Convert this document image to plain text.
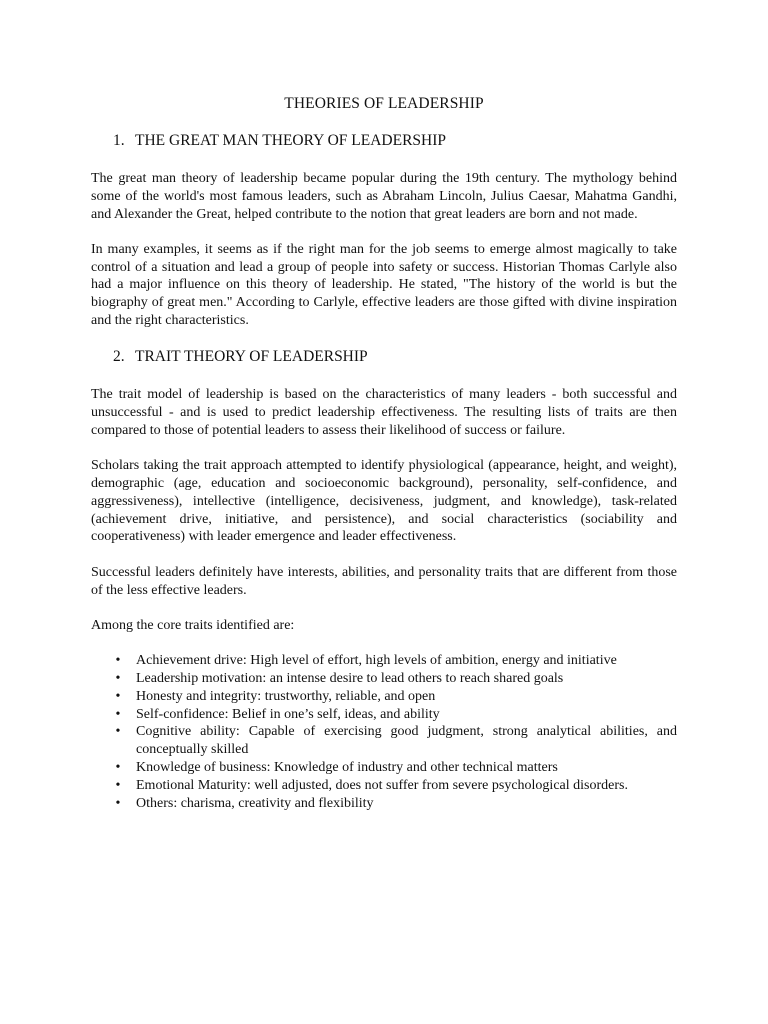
THEORIES OF LEADERSHIP
1. THE GREAT MAN THEORY OF LEADERSHIP

The great man theory of leadership became popular during the 19th century. The mythology behind some of the world's most famous leaders, such as Abraham Lincoln, Julius Caesar, Mahatma Gandhi, and Alexander the Great, helped contribute to the notion that great leaders are born and not made.

In many examples, it seems as if the right man for the job seems to emerge almost magically to take control of a situation and lead a group of people into safety or success. Historian Thomas Carlyle also had a major influence on this theory of leadership. He stated, "The history of the world is but the biography of great men." According to Carlyle, effective leaders are those gifted with divine inspiration and the right characteristics.

2. TRAIT THEORY OF LEADERSHIP

The trait model of leadership is based on the characteristics of many leaders - both successful and unsuccessful - and is used to predict leadership effectiveness. The resulting lists of traits are then compared to those of potential leaders to assess their likelihood of success or failure.

Scholars taking the trait approach attempted to identify physiological (appearance, height, and weight), demographic (age, education and socioeconomic background), personality, self-confidence, and aggressiveness), intellective (intelligence, decisiveness, judgment, and knowledge), task-related (achievement drive, initiative, and persistence), and social characteristics (sociability and cooperativeness) with leader emergence and leader effectiveness.

Successful leaders definitely have interests, abilities, and personality traits that are different from those of the less effective leaders.

Among the core traits identified are:

• Achievement drive: High level of effort, high levels of ambition, energy and initiative
• Leadership motivation: an intense desire to lead others to reach shared goals
• Honesty and integrity: trustworthy, reliable, and open
• Self-confidence: Belief in one’s self, ideas, and ability
• Cognitive ability: Capable of exercising good judgment, strong analytical abilities, and conceptually skilled
• Knowledge of business: Knowledge of industry and other technical matters
• Emotional Maturity: well adjusted, does not suffer from severe psychological disorders.
• Others: charisma, creativity and flexibility
